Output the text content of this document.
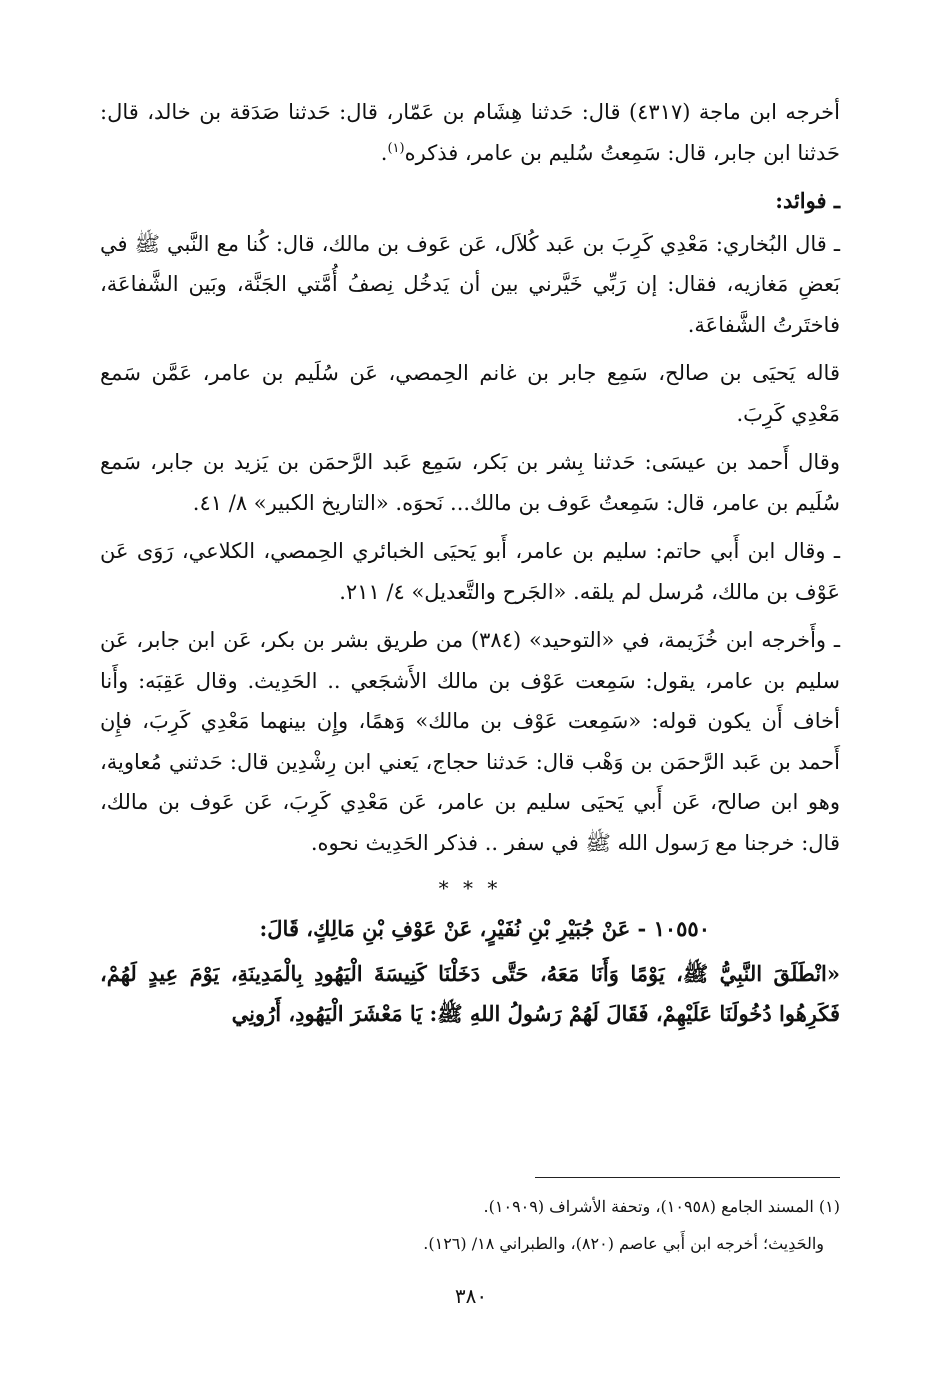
أخرجه ابن ماجة (٤٣١٧) قال: حَدثنا هِشَام بن عَمّار، قال: حَدثنا صَدَقة بن خالد، قال: حَدثنا ابن جابر، قال: سَمِعتُ سُليم بن عامر، فذكره$^{(١)}$.

ـ فوائد:

ـ قال البُخاري: مَعْدِي كَرِبَ بن عَبد كُلاَل، عَن عَوف بن مالك، قال: كُنا مع النَّبي ﷺ في بَعضِ مَغازيه، فقال: إن رَبِّي خَيَّرني بين أن يَدخُل نِصفُ أُمَّتي الجَنَّة، وبَين الشَّفاعَة، فاختَرتُ الشَّفاعَة.

قاله يَحيَى بن صالح، سَمِع جابر بن غانم الحِمصي، عَن سُلَيم بن عامر، عَمَّن سَمع مَعْدِي كَرِبَ.

وقال أَحمد بن عيسَى: حَدثنا بِشر بن بَكر، سَمِع عَبد الرَّحمَن بن يَزيد بن جابر، سَمع سُلَيم بن عامر، قال: سَمِعتُ عَوف بن مالك... نَحوَه. «التاريخ الكبير» ٨/ ٤١.

ـ وقال ابن أَبي حاتم: سليم بن عامر، أَبو يَحيَى الخبائري الحِمصي، الكلاعي، رَوَى عَن عَوْف بن مالك، مُرسل لم يلقه. «الجَرح والتَّعديل» ٤/ ٢١١.

ـ وأَخرجه ابن خُزَيمة، في «التوحيد» (٣٨٤) من طريق بشر بن بكر، عَن ابن جابر، عَن سليم بن عامر، يقول: سَمِعت عَوْف بن مالك الأَشجَعي .. الحَدِيث. وقال عَقِبَه: وأَنا أخاف أَن يكون قوله: «سَمِعت عَوْف بن مالك» وَهمًا، وإِن بينهما مَعْدِي كَرِبَ، فإِن أَحمد بن عَبد الرَّحمَن بن وَهْب قال: حَدثنا حجاج، يَعني ابن رِشْدِين قال: حَدثني مُعاوية، وهو ابن صالح، عَن أَبي يَحيَى سليم بن عامر، عَن مَعْدِي كَرِبَ، عَن عَوف بن مالك، قال: خرجنا مع رَسول الله ﷺ في سفر .. فذكر الحَدِيث نحوه.

* * *

١٠٥٥٠ - عَنْ جُبَيْرِ بْنِ نُفَيْرٍ، عَنْ عَوْفِ بْنِ مَالِكٍ، قَالَ:

«انْطَلَقَ النَّبِيُّ ﷺ، يَوْمًا وَأَنَا مَعَهُ، حَتَّى دَخَلْنَا كَنِيسَةَ الْيَهُودِ بِالْمَدِينَةِ، يَوْمَ عِيدٍ لَهُمْ، فَكَرِهُوا دُخُولَنَا عَلَيْهِمْ، فَقَالَ لَهُمْ رَسُولُ اللهِ ﷺ: يَا مَعْشَرَ الْيَهُودِ، أَرُونِي

(١) المسند الجامع (١٠٩٥٨)، وتحفة الأشراف (١٠٩٠٩).

والحَدِيث؛ أخرجه ابن أَبي عاصم (٨٢٠)، والطبراني ١٨/ (١٢٦).

٣٨٠
